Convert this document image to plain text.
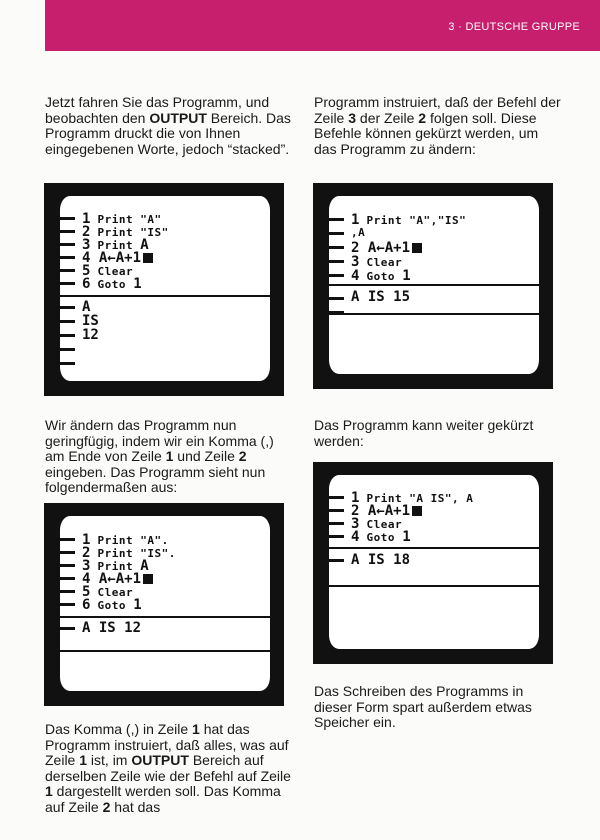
3 · DEUTSCHE GRUPPE

Jetzt fahren Sie das Programm, und beobachten den OUTPUT Bereich. Das Programm druckt die von Ihnen eingegebenen Worte, jedoch “stacked”.

Programm instruiert, daß der Befehl der Zeile 3 der Zeile 2 folgen soll. Diese Befehle können gekürzt werden, um das Programm zu ändern:

1 Print "A"
2 Print "IS"
3 Print A
4 A←A+1
5 Clear
6 Goto 1
A
IS
12
1 Print "A","IS"
,A
2 A←A+1
3 Clear
4 Goto 1
A IS 15

Wir ändern das Programm nun geringfügig, indem wir ein Komma (,) am Ende von Zeile 1 und Zeile 2 eingeben. Das Programm sieht nun folgendermaßen aus:

Das Programm kann weiter gekürzt werden:

1 Print "A".
2 Print "IS".
3 Print A
4 A←A+1
5 Clear
6 Goto 1
A IS 12
1 Print "A IS", A
2 A←A+1
3 Clear
4 Goto 1
A IS 18

Das Komma (,) in Zeile 1 hat das Programm instruiert, daß alles, was auf Zeile 1 ist, im OUTPUT Bereich auf derselben Zeile wie der Befehl auf Zeile 1 dargestellt werden soll. Das Komma auf Zeile 2 hat das

Das Schreiben des Programms in dieser Form spart außerdem etwas Speicher ein.
